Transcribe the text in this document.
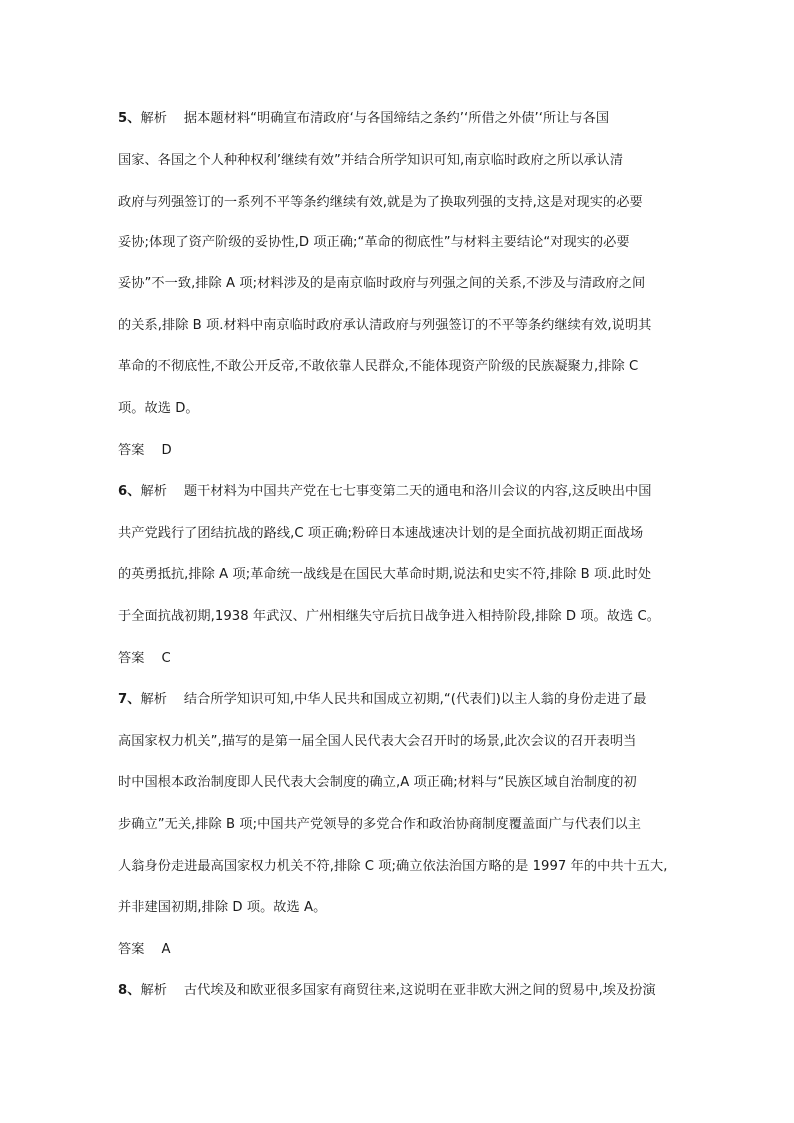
5、解析 据本题材料“明确宣布清政府‘与各国缔结之条约’‘所借之外债’‘所让与各国
国家、各国之个人种种权利’继续有效”并结合所学知识可知,南京临时政府之所以承认清
政府与列强签订的一系列不平等条约继续有效,就是为了换取列强的支持,这是对现实的必要
妥协;体现了资产阶级的妥协性,D 项正确;“革命的彻底性”与材料主要结论“对现实的必要
妥协”不一致,排除 A 项;材料涉及的是南京临时政府与列强之间的关系,不涉及与清政府之间
的关系,排除 B 项.材料中南京临时政府承认清政府与列强签订的不平等条约继续有效,说明其
革命的不彻底性,不敢公开反帝,不敢依靠人民群众,不能体现资产阶级的民族凝聚力,排除 C
项。故选 D。
答案 D
6、解析 题干材料为中国共产党在七七事变第二天的通电和洛川会议的内容,这反映出中国
共产党践行了团结抗战的路线,C 项正确;粉碎日本速战速决计划的是全面抗战初期正面战场
的英勇抵抗,排除 A 项;革命统一战线是在国民大革命时期,说法和史实不符,排除 B 项.此时处
于全面抗战初期,1938 年武汉、广州相继失守后抗日战争进入相持阶段,排除 D 项。故选 C。
答案 C
7、解析 结合所学知识可知,中华人民共和国成立初期,“(代表们)以主人翁的身份走进了最
高国家权力机关”,描写的是第一届全国人民代表大会召开时的场景,此次会议的召开表明当
时中国根本政治制度即人民代表大会制度的确立,A 项正确;材料与“民族区域自治制度的初
步确立”无关,排除 B 项;中国共产党领导的多党合作和政治协商制度覆盖面广与代表们以主
人翁身份走进最高国家权力机关不符,排除 C 项;确立依法治国方略的是 1997 年的中共十五大,
并非建国初期,排除 D 项。故选 A。
答案 A
8、解析 古代埃及和欧亚很多国家有商贸往来,这说明在亚非欧大洲之间的贸易中,埃及扮演
